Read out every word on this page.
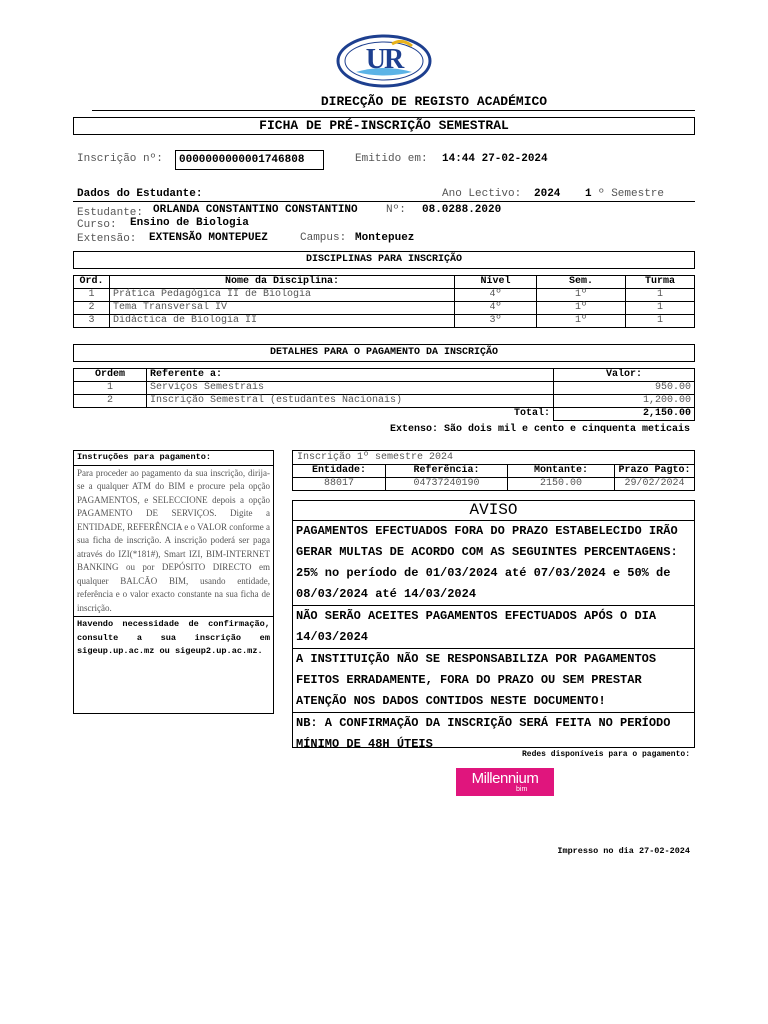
UR
DIRECÇÃO DE REGISTO ACADÉMICO
FICHA DE PRÉ-INSCRIÇÃO SEMESTRAL
Inscrição nº:	0000000000001746808	Emitido em: 14:44 27-02-2024
Dados do Estudante:	Ano Lectivo: 2024 1 º Semestre
Estudante: ORLANDA CONSTANTINO CONSTANTINO	Nº: 08.0288.2020
Curso: Ensino de Biologia
Extensão: EXTENSÃO MONTEPUEZ	Campus: Montepuez
DISCIPLINAS PARA INSCRIÇÃO
Ord.	Nome da Disciplina:	Nível	Sem.	Turma
1	Prática Pedagógica II de Biologia	4º	1º	1
2	Tema Transversal IV	4º	1º	1
3	Didáctica de Biologia II	3º	1º	1
DETALHES PARA O PAGAMENTO DA INSCRIÇÃO
Ordem	Referente a:	Valor:
1	Serviços Semestrais	950.00
2	Inscrição Semestral (estudantes Nacionais)	1,200.00
	Total:	2,150.00
Extenso: São dois mil e cento e cinquenta meticais
Instruções para pagamento:
Para proceder ao pagamento da sua inscrição, dirija-se a qualquer ATM do BIM e procure pela opção PAGAMENTOS, e SELECCIONE depois a opção PAGAMENTO DE SERVIÇOS. Digite a ENTIDADE, REFERÊNCIA e o VALOR conforme a sua ficha de inscrição. A inscrição poderá ser paga através do IZI(*181#), Smart IZI, BIM-INTERNET BANKING ou por DEPÓSITO DIRECTO em qualquer BALCÃO BIM, usando entidade, referência e o valor exacto constante na sua ficha de inscrição.
Havendo necessidade de confirmação, consulte a sua inscrição em sigeup.up.ac.mz ou sigeup2.up.ac.mz.
Inscrição 1º semestre 2024
Entidade:	Referência:	Montante:	Prazo Pagto:
88017	04737240190	2150.00	29/02/2024
AVISO
PAGAMENTOS EFECTUADOS FORA DO PRAZO ESTABELECIDO IRÃO GERAR MULTAS DE ACORDO COM AS SEGUINTES PERCENTAGENS: 25% no período de 01/03/2024 até 07/03/2024 e 50% de 08/03/2024 até 14/03/2024
NÃO SERÃO ACEITES PAGAMENTOS EFECTUADOS APÓS O DIA 14/03/2024
A INSTITUIÇÃO NÃO SE RESPONSABILIZA POR PAGAMENTOS FEITOS ERRADAMENTE, FORA DO PRAZO OU SEM PRESTAR ATENÇÃO NOS DADOS CONTIDOS NESTE DOCUMENTO!
NB: A CONFIRMAÇÃO DA INSCRIÇÃO SERÁ FEITA NO PERÍODO MÍNIMO DE 48H ÚTEIS
Redes disponíveis para o pagamento:
Millennium
bim
Impresso no dia 27-02-2024
